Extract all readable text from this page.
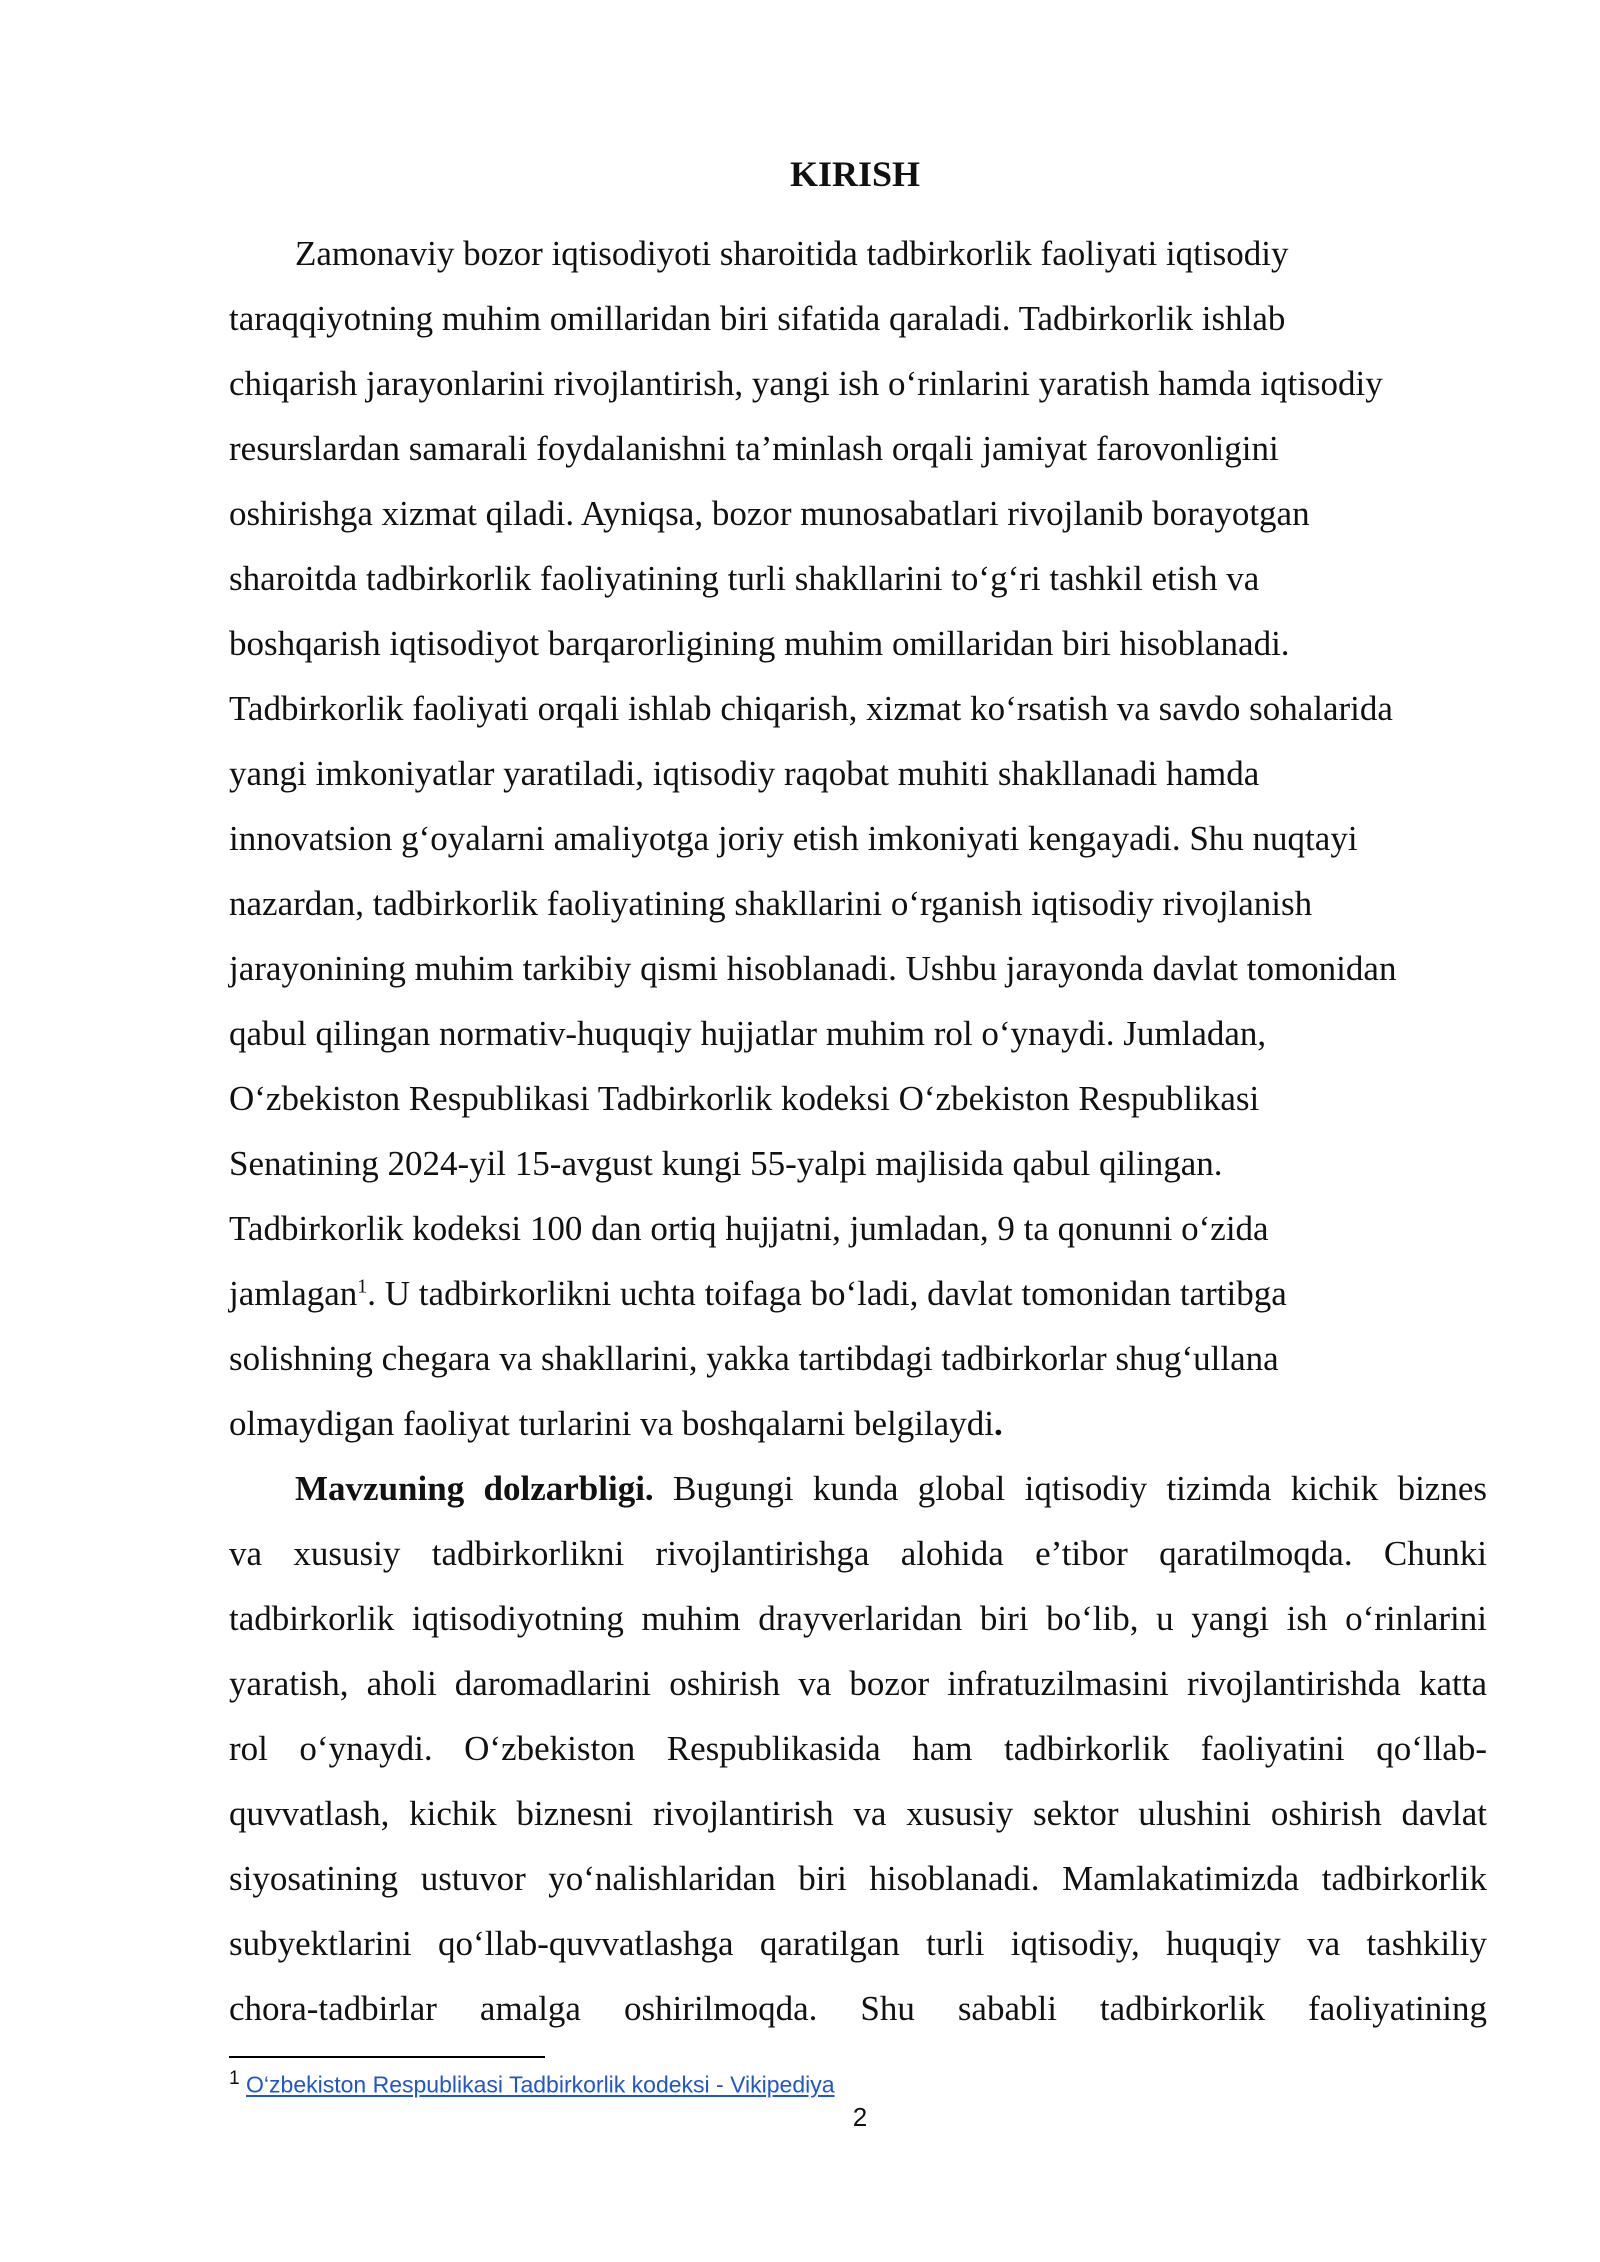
KIRISH

Zamonaviy bozor iqtisodiyoti sharoitida tadbirkorlik faoliyati iqtisodiy

taraqqiyotning muhim omillaridan biri sifatida qaraladi. Tadbirkorlik ishlab

chiqarish jarayonlarini rivojlantirish, yangi ish o‘rinlarini yaratish hamda iqtisodiy

resurslardan samarali foydalanishni ta’minlash orqali jamiyat farovonligini

oshirishga xizmat qiladi. Ayniqsa, bozor munosabatlari rivojlanib borayotgan

sharoitda tadbirkorlik faoliyatining turli shakllarini to‘g‘ri tashkil etish va

boshqarish iqtisodiyot barqarorligining muhim omillaridan biri hisoblanadi.

Tadbirkorlik faoliyati orqali ishlab chiqarish, xizmat ko‘rsatish va savdo sohalarida

yangi imkoniyatlar yaratiladi, iqtisodiy raqobat muhiti shakllanadi hamda

innovatsion g‘oyalarni amaliyotga joriy etish imkoniyati kengayadi. Shu nuqtayi

nazardan, tadbirkorlik faoliyatining shakllarini o‘rganish iqtisodiy rivojlanish

jarayonining muhim tarkibiy qismi hisoblanadi. Ushbu jarayonda davlat tomonidan

qabul qilingan normativ-huquqiy hujjatlar muhim rol o‘ynaydi. Jumladan,

O‘zbekiston Respublikasi Tadbirkorlik kodeksi O‘zbekiston Respublikasi

Senatining 2024-yil 15-avgust kungi 55-yalpi majlisida qabul qilingan.

Tadbirkorlik kodeksi 100 dan ortiq hujjatni, jumladan, 9 ta qonunni o‘zida

jamlagan$^1$. U tadbirkorlikni uchta toifaga bo‘ladi, davlat tomonidan tartibga

solishning chegara va shakllarini, yakka tartibdagi tadbirkorlar shug‘ullana

olmaydigan faoliyat turlarini va boshqalarni belgilaydi.

Mavzuning dolzarbligi. Bugungi kunda global iqtisodiy tizimda kichik biznes

va xususiy tadbirkorlikni rivojlantirishga alohida e’tibor qaratilmoqda. Chunki

tadbirkorlik iqtisodiyotning muhim drayverlaridan biri bo‘lib, u yangi ish o‘rinlarini

yaratish, aholi daromadlarini oshirish va bozor infratuzilmasini rivojlantirishda katta

rol o‘ynaydi. O‘zbekiston Respublikasida ham tadbirkorlik faoliyatini qo‘llab-

quvvatlash, kichik biznesni rivojlantirish va xususiy sektor ulushini oshirish davlat

siyosatining ustuvor yo‘nalishlaridan biri hisoblanadi. Mamlakatimizda tadbirkorlik

subyektlarini qo‘llab-quvvatlashga qaratilgan turli iqtisodiy, huquqiy va tashkiliy

chora-tadbirlar amalga oshirilmoqda. Shu sababli tadbirkorlik faoliyatining

$^1$ O‘zbekiston Respublikasi Tadbirkorlik kodeksi - Vikipediya

2
